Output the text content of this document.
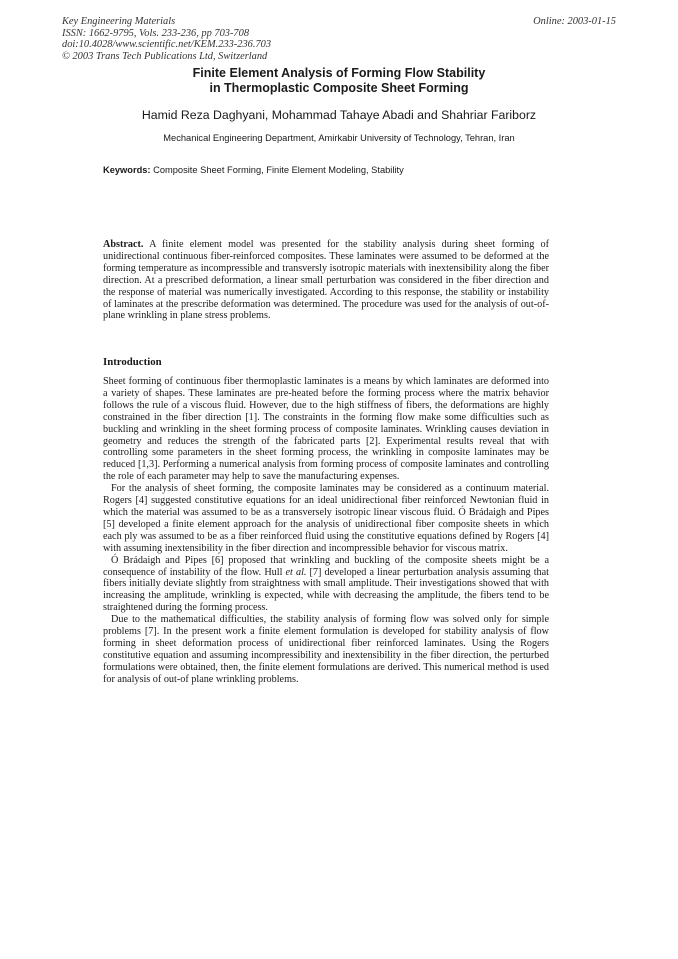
Key Engineering Materials
ISSN: 1662-9795, Vols. 233-236, pp 703-708
doi:10.4028/www.scientific.net/KEM.233-236.703
© 2003 Trans Tech Publications Ltd, Switzerland
Online: 2003-01-15
Finite Element Analysis of Forming Flow Stability
in Thermoplastic Composite Sheet Forming
Hamid Reza Daghyani, Mohammad Tahaye Abadi and Shahriar Fariborz
Mechanical Engineering Department, Amirkabir University of Technology, Tehran, Iran
Keywords: Composite Sheet Forming, Finite Element Modeling, Stability
Abstract. A finite element model was presented for the stability analysis during sheet forming of unidirectional continuous fiber-reinforced composites. These laminates were assumed to be deformed at the forming temperature as incompressible and transversly isotropic materials with inextensibility along the fiber direction. At a prescribed deformation, a linear small perturbation was considered in the fiber direction and the response of material was numerically investigated. According to this response, the stability or instability of laminates at the prescribe deformation was determined. The procedure was used for the analysis of out-of-plane wrinkling in plane stress problems.
Introduction

Sheet forming of continuous fiber thermoplastic laminates is a means by which laminates are deformed into a variety of shapes. These laminates are pre-heated before the forming process where the matrix behavior follows the rule of a viscous fluid. However, due to the high stiffness of fibers, the deformations are highly constrained in the fiber direction [1]. The constraints in the forming flow make some difficulties such as buckling and wrinkling in the sheet forming process of composite laminates. Wrinkling causes deviation in geometry and reduces the strength of the fabricated parts [2]. Experimental results reveal that with controlling some parameters in the sheet forming process, the wrinkling in composite laminates may be reduced [1,3]. Performing a numerical analysis from forming process of composite laminates and controlling the role of each parameter may help to save the manufacturing expenses.

For the analysis of sheet forming, the composite laminates may be considered as a continuum material. Rogers [4] suggested constitutive equations for an ideal unidirectional fiber reinforced Newtonian fluid in which the material was assumed to be as a transversely isotropic linear viscous fluid. Ó Brádaigh and Pipes [5] developed a finite element approach for the analysis of unidirectional fiber composite sheets in which each ply was assumed to be as a fiber reinforced fluid using the constitutive equations defined by Rogers [4] with assuming inextensibility in the fiber direction and incompressible behavior for viscous matrix.

Ó Brádaigh and Pipes [6] proposed that wrinkling and buckling of the composite sheets might be a consequence of instability of the flow. Hull et al. [7] developed a linear perturbation analysis assuming that fibers initially deviate slightly from straightness with small amplitude. Their investigations showed that with increasing the amplitude, wrinkling is expected, while with decreasing the amplitude, the fibers tend to be straightened during the forming process.

Due to the mathematical difficulties, the stability analysis of forming flow was solved only for simple problems [7]. In the present work a finite element formulation is developed for stability analysis of flow forming in sheet deformation process of unidirectional fiber reinforced laminates. Using the Rogers constitutive equation and assuming incompressibility and inextensibility in the fiber direction, the perturbed formulations were obtained, then, the finite element formulations are derived. This numerical method is used for analysis of out-of plane wrinkling problems.
